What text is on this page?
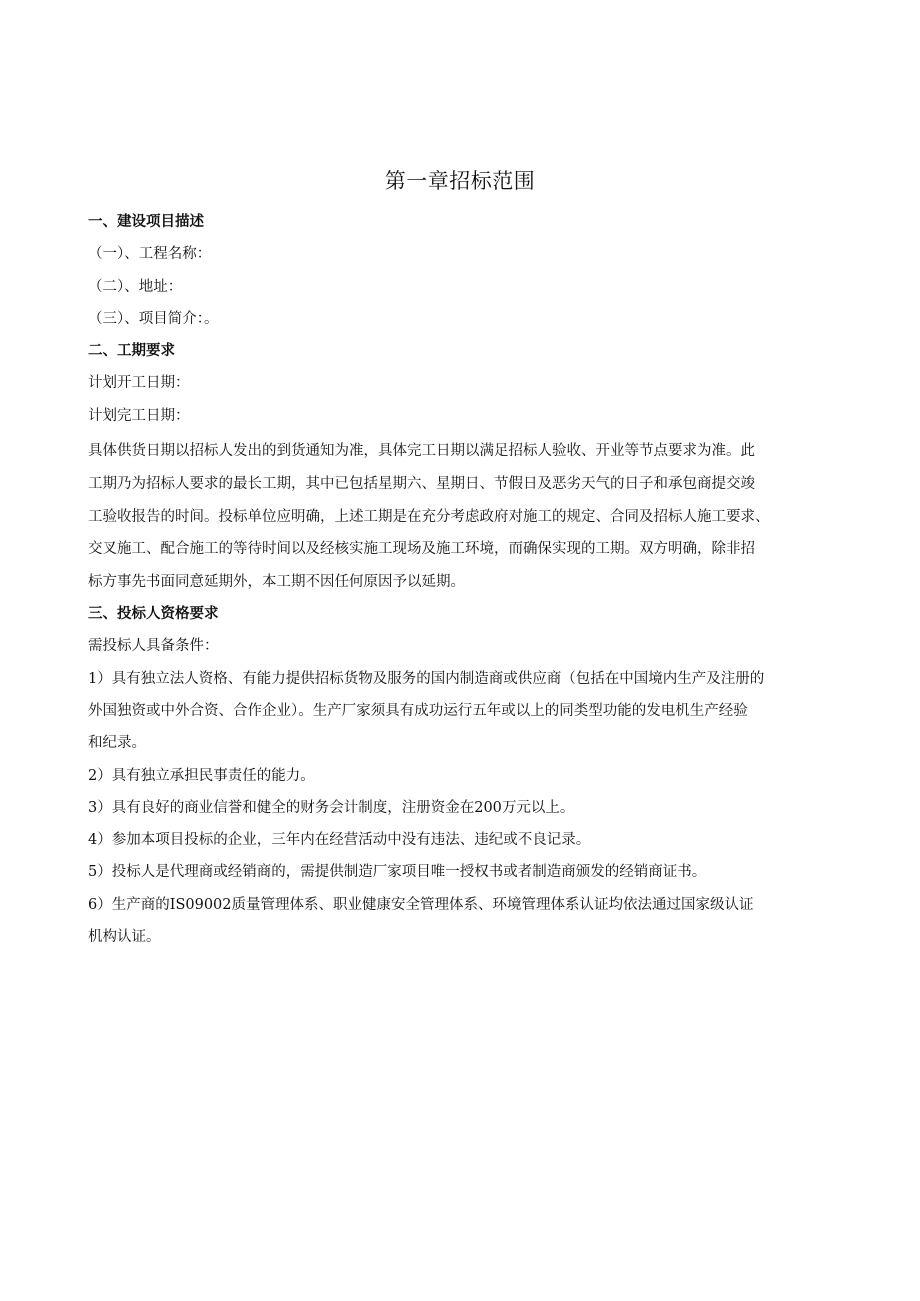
第一章招标范围
一、建设项目描述
（一）、工程名称：
（二）、地址：
（三）、项目简介：。
二、工期要求
计划开工日期：
计划完工日期：
具体供货日期以招标人发出的到货通知为准，具体完工日期以满足招标人验收、开业等节点要求为准。此
工期乃为招标人要求的最长工期，其中已包括星期六、星期日、节假日及恶劣天气的日子和承包商提交竣
工验收报告的时间。投标单位应明确，上述工期是在充分考虑政府对施工的规定、合同及招标人施工要求、
交叉施工、配合施工的等待时间以及经核实施工现场及施工环境，而确保实现的工期。双方明确，除非招
标方事先书面同意延期外，本工期不因任何原因予以延期。
三、投标人资格要求
需投标人具备条件：
1）具有独立法人资格、有能力提供招标货物及服务的国内制造商或供应商（包括在中国境内生产及注册的
外国独资或中外合资、合作企业）。生产厂家须具有成功运行五年或以上的同类型功能的发电机生产经验
和纪录。
2）具有独立承担民事责任的能力。
3）具有良好的商业信誉和健全的财务会计制度，注册资金在200万元以上。
4）参加本项目投标的企业，三年内在经营活动中没有违法、违纪或不良记录。
5）投标人是代理商或经销商的，需提供制造厂家项目唯一授权书或者制造商颁发的经销商证书。
6）生产商的IS09002质量管理体系、职业健康安全管理体系、环境管理体系认证均依法通过国家级认证
机构认证。
